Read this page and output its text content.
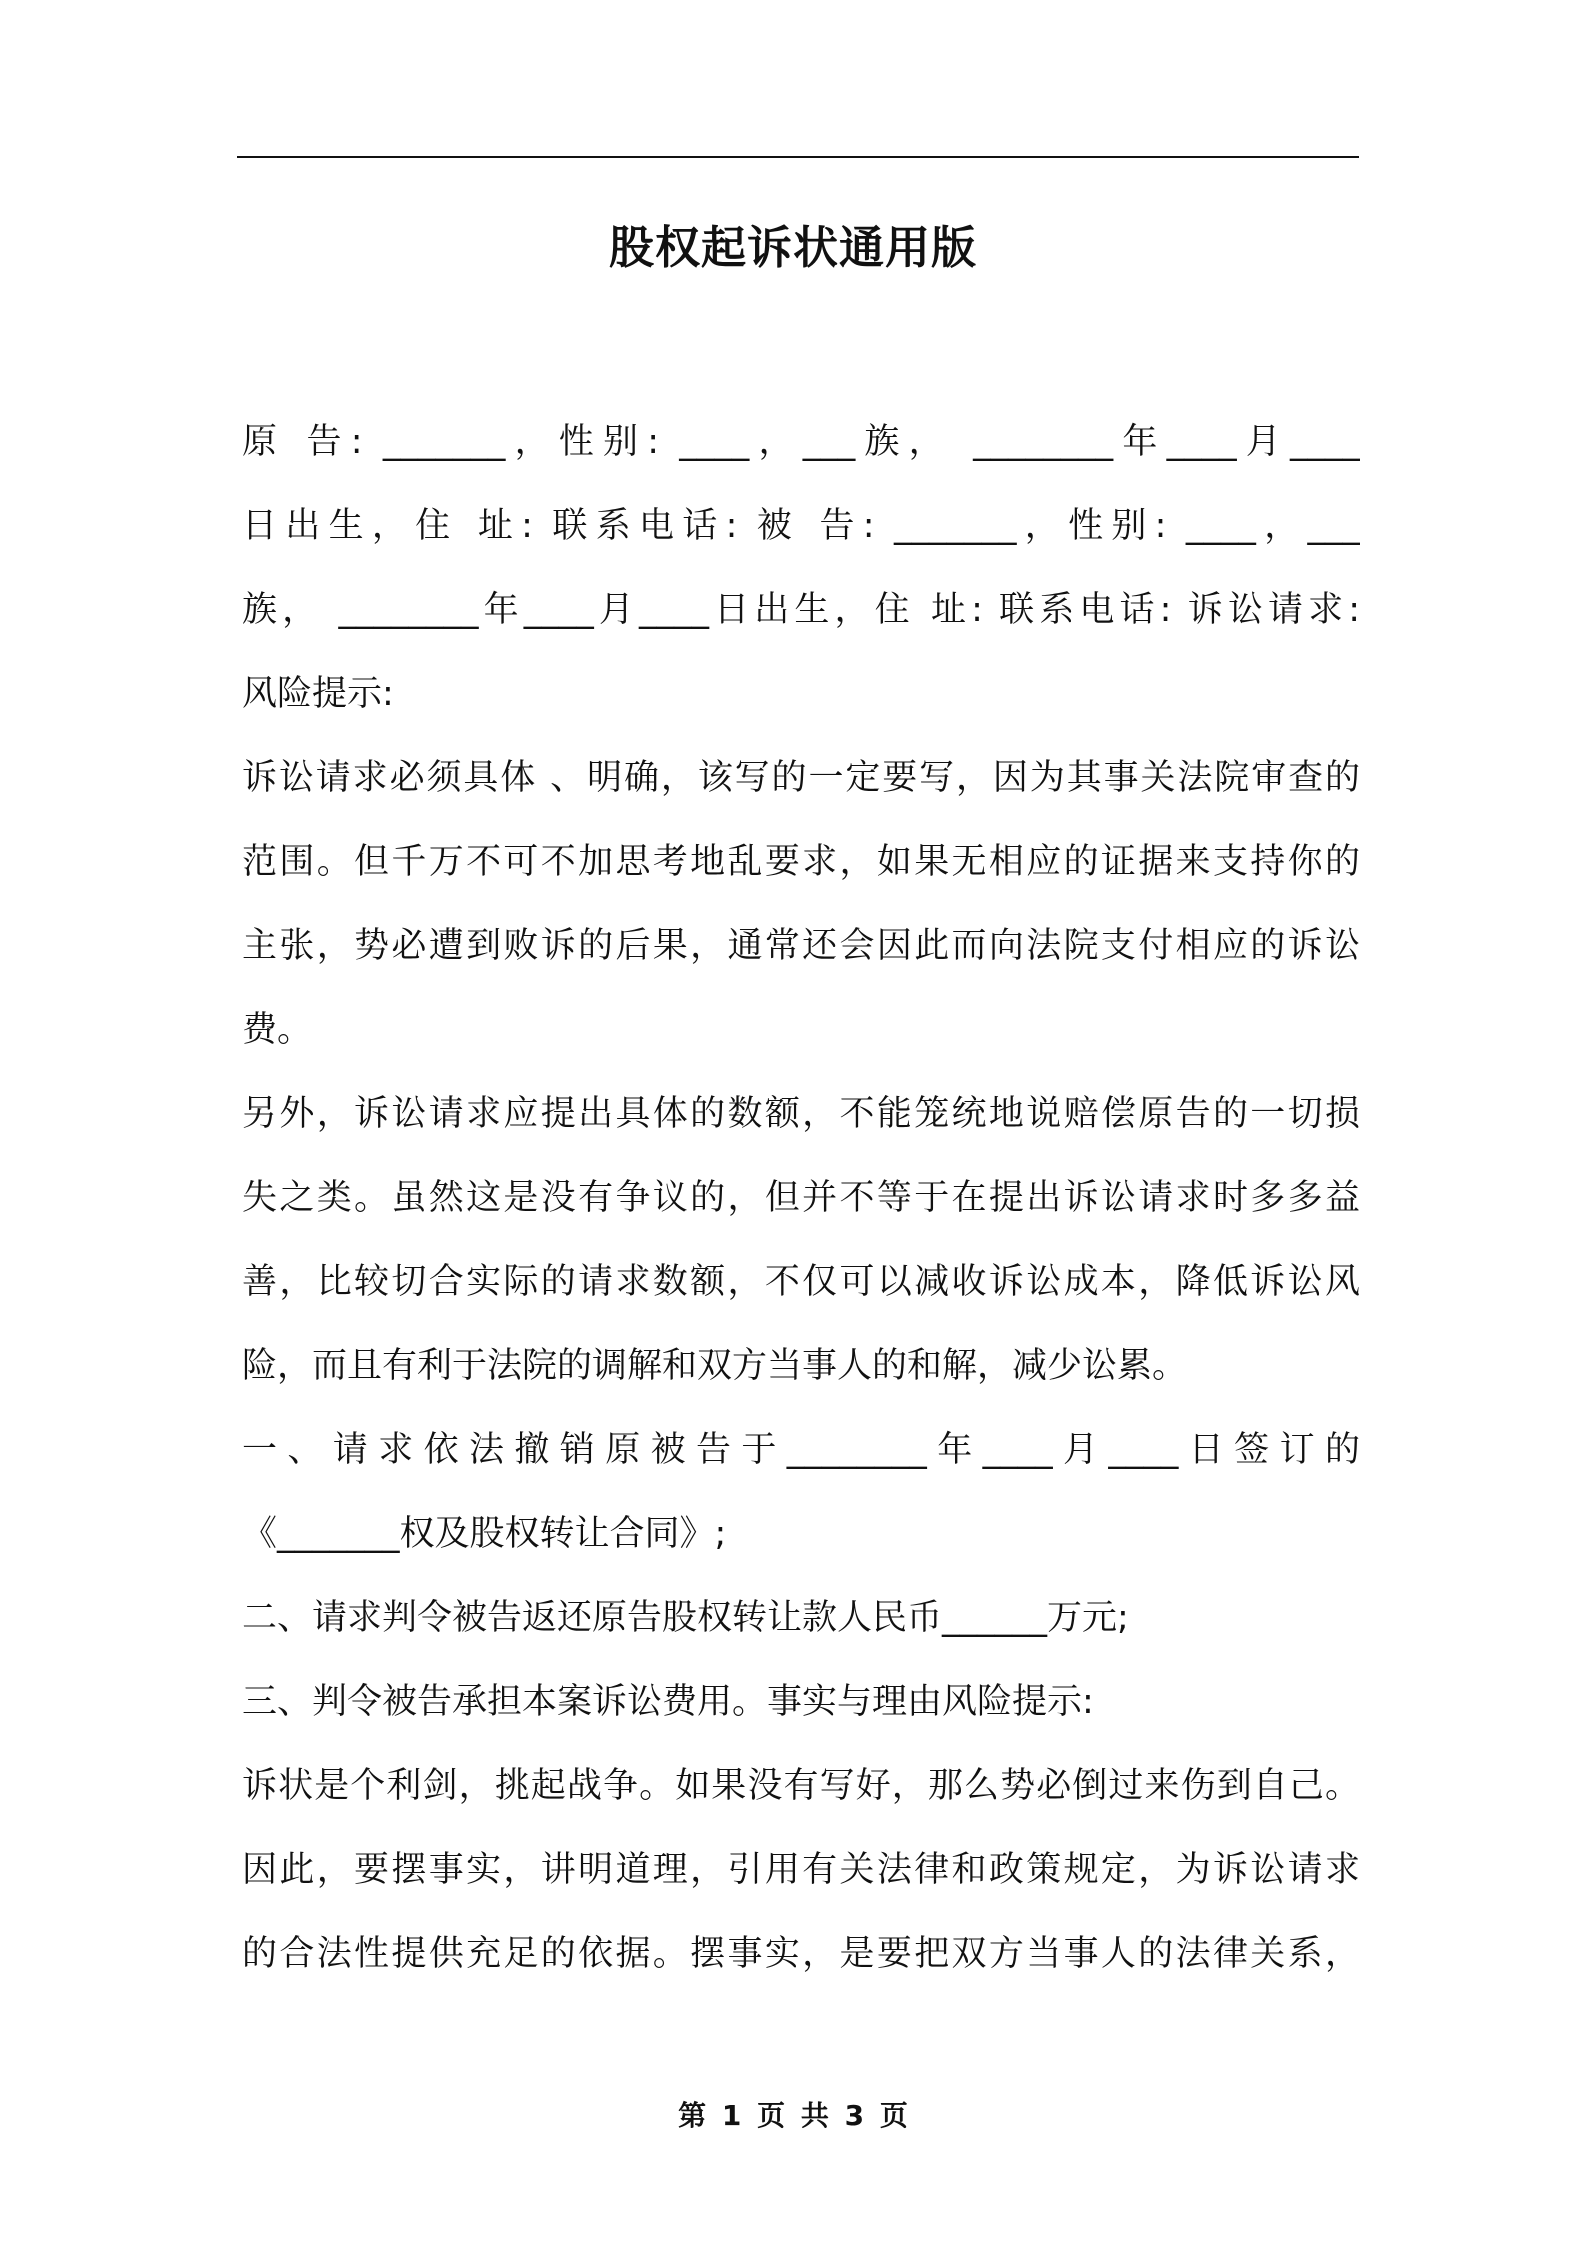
股权起诉状通用版
原 告: _______，性别: ____，___族， ________年____月____
日出生，住 址: 联系电话: 被 告: _______，性别: ____，___
族， ________年____月____日出生，住 址: 联系电话: 诉讼请求:
风险提示:
诉讼请求必须具体 、明确，该写的一定要写，因为其事关法院审查的
范围。但千万不可不加思考地乱要求，如果无相应的证据来支持你的
主张，势必遭到败诉的后果，通常还会因此而向法院支付相应的诉讼
费。
另外，诉讼请求应提出具体的数额，不能笼统地说赔偿原告的一切损
失之类。虽然这是没有争议的，但并不等于在提出诉讼请求时多多益
善，比较切合实际的请求数额，不仅可以减收诉讼成本，降低诉讼风
险，而且有利于法院的调解和双方当事人的和解，减少讼累。
一、请求依法撤销原被告于________年____月____日签订的
《_______权及股权转让合同》;
二、请求判令被告返还原告股权转让款人民币______万元;
三、判令被告承担本案诉讼费用。事实与理由风险提示:
诉状是个利剑，挑起战争。如果没有写好，那么势必倒过来伤到自己。
因此，要摆事实，讲明道理，引用有关法律和政策规定，为诉讼请求
的合法性提供充足的依据。摆事实，是要把双方当事人的法律关系，
第 1 页 共 3 页
